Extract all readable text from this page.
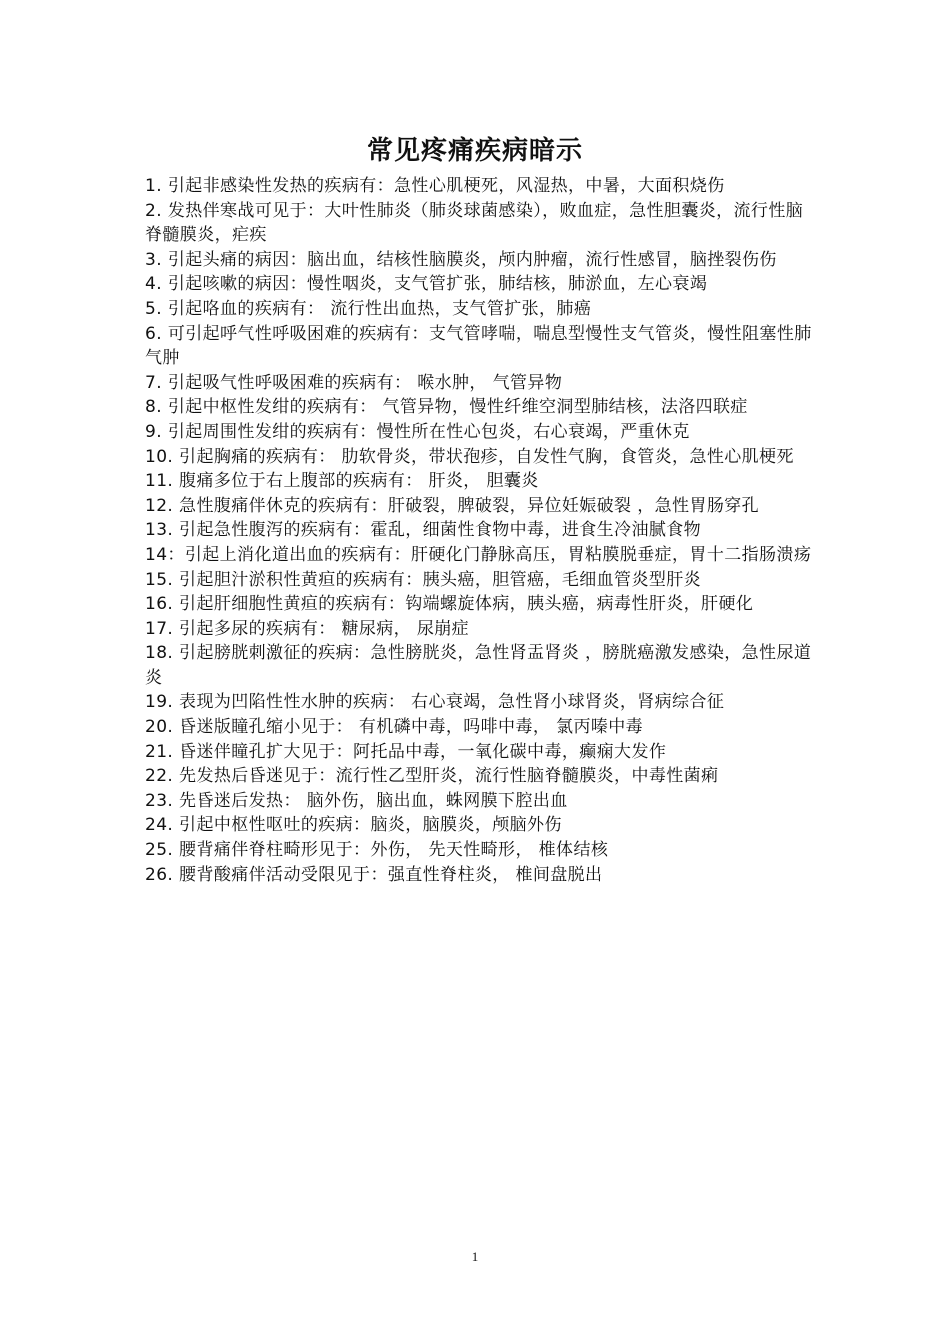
常见疼痛疾病暗示
1. 引起非感染性发热的疾病有：急性心肌梗死，风湿热，中暑，大面积烧伤
2. 发热伴寒战可见于：大叶性肺炎（肺炎球菌感染），败血症，急性胆囊炎，流行性脑脊髓膜炎，疟疾
3. 引起头痛的病因：脑出血，结核性脑膜炎，颅内肿瘤，流行性感冒，脑挫裂伤伤
4. 引起咳嗽的病因：慢性咽炎，支气管扩张，肺结核，肺淤血，左心衰竭
5. 引起咯血的疾病有： 流行性出血热，支气管扩张，肺癌
6. 可引起呼气性呼吸困难的疾病有：支气管哮喘，喘息型慢性支气管炎，慢性阻塞性肺气肿
7. 引起吸气性呼吸困难的疾病有： 喉水肿， 气管异物
8. 引起中枢性发绀的疾病有： 气管异物，慢性纤维空洞型肺结核，法洛四联症
9. 引起周围性发绀的疾病有：慢性所在性心包炎，右心衰竭，严重休克
10. 引起胸痛的疾病有： 肋软骨炎，带状孢疹，自发性气胸，食管炎，急性心肌梗死
11. 腹痛多位于右上腹部的疾病有： 肝炎， 胆囊炎
12. 急性腹痛伴休克的疾病有：肝破裂，脾破裂，异位妊娠破裂 ，急性胃肠穿孔
13. 引起急性腹泻的疾病有：霍乱，细菌性食物中毒，进食生冷油腻食物
14：引起上消化道出血的疾病有：肝硬化门静脉高压，胃粘膜脱垂症，胃十二指肠溃疡
15. 引起胆汁淤积性黄疸的疾病有：胰头癌，胆管癌，毛细血管炎型肝炎
16. 引起肝细胞性黄疸的疾病有：钩端螺旋体病，胰头癌，病毒性肝炎，肝硬化
17. 引起多尿的疾病有： 糖尿病， 尿崩症
18. 引起膀胱刺激征的疾病：急性膀胱炎，急性肾盂肾炎 ，膀胱癌激发感染，急性尿道炎
19. 表现为凹陷性性水肿的疾病： 右心衰竭，急性肾小球肾炎，肾病综合征
20. 昏迷版瞳孔缩小见于： 有机磷中毒，吗啡中毒， 氯丙嗪中毒
21. 昏迷伴瞳孔扩大见于：阿托品中毒，一氧化碳中毒，癫痫大发作
22. 先发热后昏迷见于：流行性乙型肝炎，流行性脑脊髓膜炎，中毒性菌痢
23. 先昏迷后发热： 脑外伤，脑出血，蛛网膜下腔出血
24. 引起中枢性呕吐的疾病：脑炎，脑膜炎，颅脑外伤
25. 腰背痛伴脊柱畸形见于：外伤， 先天性畸形， 椎体结核
26. 腰背酸痛伴活动受限见于：强直性脊柱炎， 椎间盘脱出
1
